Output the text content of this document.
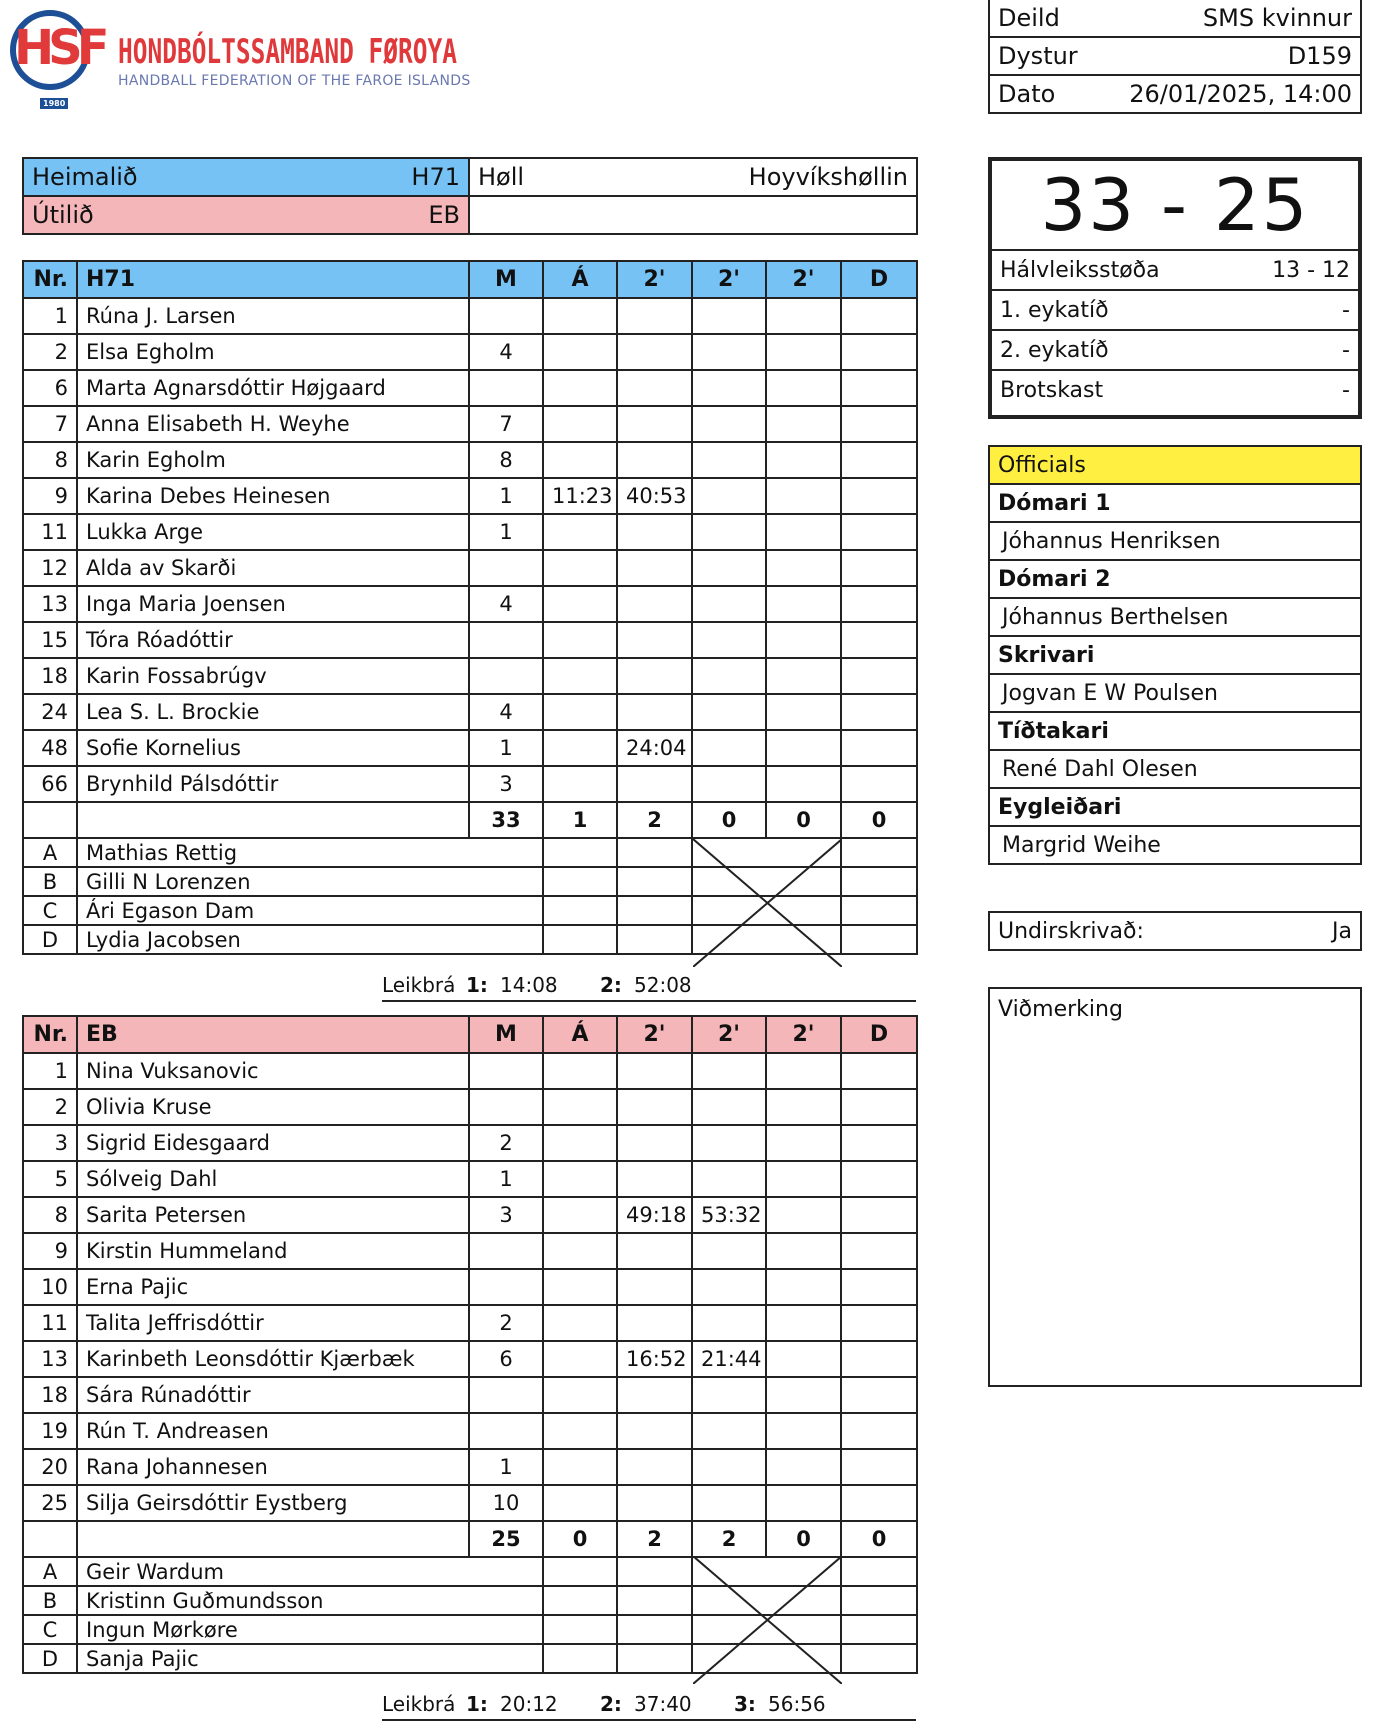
HSF
1980
HONDBÓLTSSAMBAND FØROYA
HANDBALL FEDERATION OF THE FAROE ISLANDS
Deild	SMS kvinnur

Dystur	D159

Dato	26/01/2025, 14:00
Heimalið H71	Høll Hoyvíkshøllin

Útilið EB	

Nr.	H71	M	Á	2'	2'	2'	D
1	Rúna J. Larsen						
2	Elsa Egholm	4					
6	Marta Agnarsdóttir Højgaard						
7	Anna Elisabeth H. Weyhe	7					
8	Karin Egholm	8					
9	Karina Debes Heinesen	1	11:23	40:53			
11	Lukka Arge	1					
12	Alda av Skarði						
13	Inga Maria Joensen	4					
15	Tóra Róadóttir						
18	Karin Fossabrúgv						
24	Lea S. L. Brockie	4					
48	Sofie Kornelius	1		24:04			
66	Brynhild Pálsdóttir	3					
		33	1	2	0	0	0
A	Mathias Rettig						
B	Gilli N Lorenzen						
C	Ári Egason Dam						
D	Lydia Jacobsen						
Leikbrá 1: 14:08 2: 52:08
Nr.	EB	M	Á	2'	2'	2'	D
1	Nina Vuksanovic						
2	Olivia Kruse						
3	Sigrid Eidesgaard	2					
5	Sólveig Dahl	1					
8	Sarita Petersen	3		49:18	53:32		
9	Kirstin Hummeland						
10	Erna Pajic						
11	Talita Jeffrisdóttir	2					
13	Karinbeth Leonsdóttir Kjærbæk	6		16:52	21:44		
18	Sára Rúnadóttir						
19	Rún T. Andreasen						
20	Rana Johannesen	1					
25	Silja Geirsdóttir Eystberg	10					
		25	0	2	2	0	0
A	Geir Wardum						
B	Kristinn Guðmundsson						
C	Ingun Mørkøre						
D	Sanja Pajic						
Leikbrá 1: 20:12 2: 37:40 3: 56:56
33 - 25
Hálvleiksstøða	13 - 12

1. eykatíð	-

2. eykatíð	-

Brotskast	-
Officials
Dómari 1
Jóhannus Henriksen
Dómari 2
Jóhannus Berthelsen
Skrivari
Jogvan E W Poulsen
Tíðtakari
René Dahl Olesen
Eygleiðari
Margrid Weihe
Undirskrivað:	Ja
Viðmerking
